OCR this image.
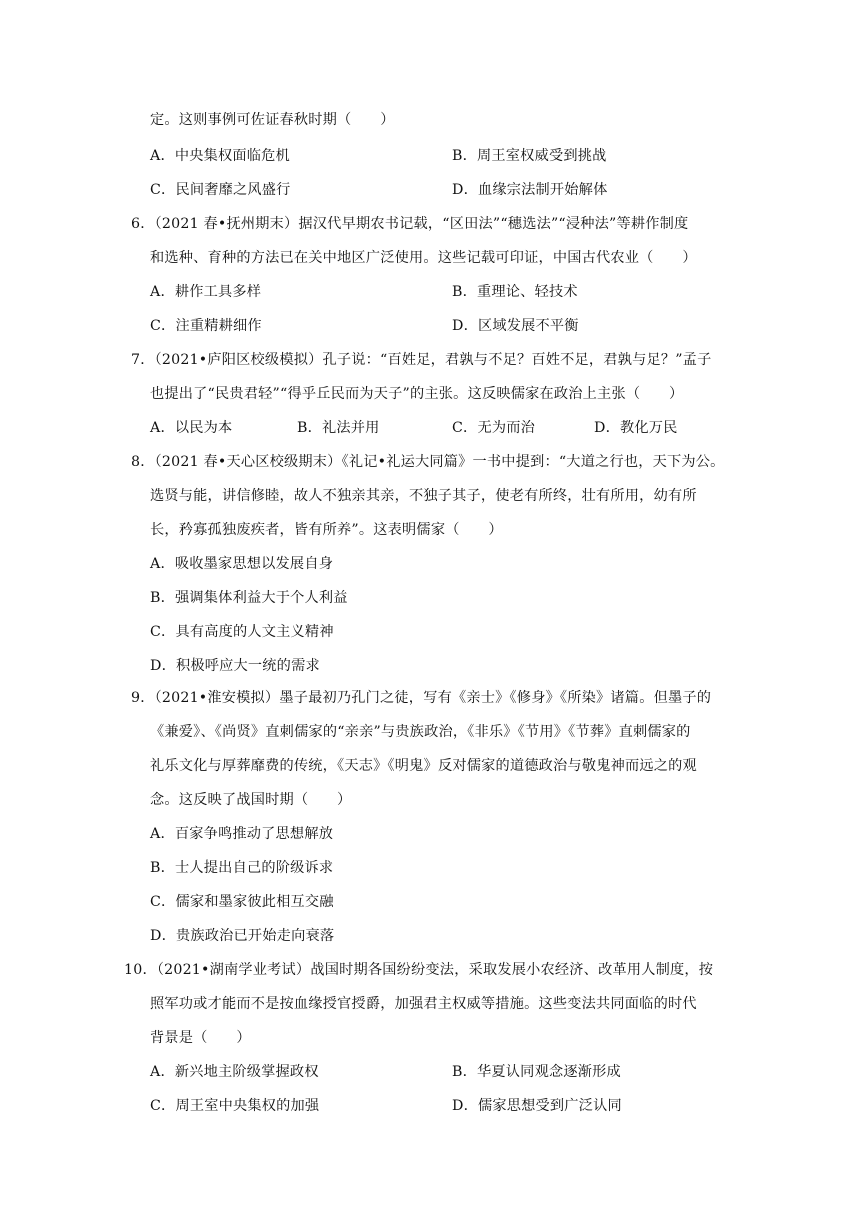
定。这则事例可佐证春秋时期（　　）
A．中央集权面临危机	B．周王室权威受到挑战
C．民间奢靡之风盛行	D．血缘宗法制开始解体
6．（2021 春•抚州期末）据汉代早期农书记载，“区田法”“穗选法”“浸种法”等耕作制度
和选种、育种的方法已在关中地区广泛使用。这些记载可印证，中国古代农业（　　）
A．耕作工具多样	B．重理论、轻技术
C．注重精耕细作	D．区域发展不平衡
7．（2021•庐阳区校级模拟）孔子说：“百姓足，君孰与不足？百姓不足，君孰与足？”孟子
也提出了“民贵君轻”“得乎丘民而为天子”的主张。这反映儒家在政治上主张（　　）
A．以民为本	B．礼法并用	C．无为而治	D．教化万民
8．（2021 春•天心区校级期末）《礼记•礼运大同篇》一书中提到：“大道之行也，天下为公。
选贤与能，讲信修睦，故人不独亲其亲，不独子其子，使老有所终，壮有所用，幼有所
长，矜寡孤独废疾者，皆有所养”。这表明儒家（　　）
A．吸收墨家思想以发展自身
B．强调集体利益大于个人利益
C．具有高度的人文主义精神
D．积极呼应大一统的需求
9．（2021•淮安模拟）墨子最初乃孔门之徒，写有《亲士》《修身》《所染》诸篇。但墨子的
《兼爱》、《尚贤》直刺儒家的“亲亲”与贵族政治，《非乐》《节用》《节葬》直刺儒家的
礼乐文化与厚葬靡费的传统，《天志》《明鬼》反对儒家的道德政治与敬鬼神而远之的观
念。这反映了战国时期（　　）
A．百家争鸣推动了思想解放
B．士人提出自己的阶级诉求
C．儒家和墨家彼此相互交融
D．贵族政治已开始走向衰落
10．（2021•湖南学业考试）战国时期各国纷纷变法，采取发展小农经济、改革用人制度，按
照军功或才能而不是按血缘授官授爵，加强君主权威等措施。这些变法共同面临的时代
背景是（　　）
A．新兴地主阶级掌握政权	B．华夏认同观念逐渐形成
C．周王室中央集权的加强	D．儒家思想受到广泛认同
